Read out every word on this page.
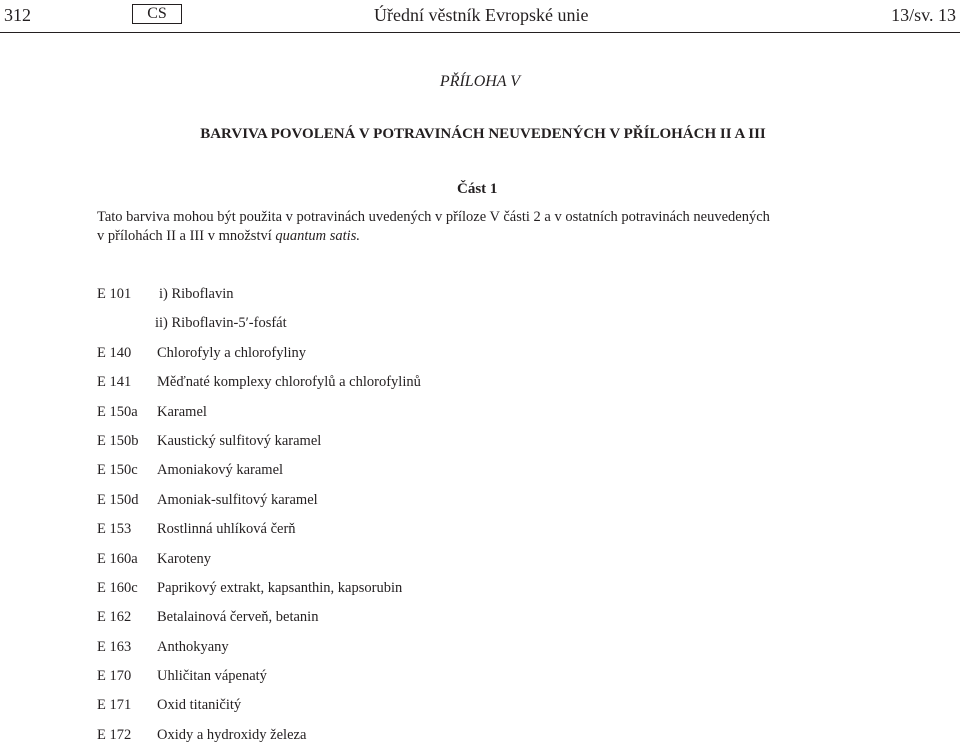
312	CS	Úřední věstník Evropské unie	13/sv. 13
PŘÍLOHA V
BARVIVA POVOLENÁ V POTRAVINÁCH NEUVEDENÝCH V PŘÍLOHÁCH II A III
Část 1
Tato barviva mohou být použita v potravinách uvedených v příloze V části 2 a v ostatních potravinách neuvedených
v přílohách II a III v množství quantum satis.
E 101 i) Riboflavin
ii) Riboflavin-5′-fosfát
E 140 Chlorofyly a chlorofyliny
E 141 Měďnaté komplexy chlorofylů a chlorofylinů
E 150a Karamel
E 150b Kaustický sulfitový karamel
E 150c Amoniakový karamel
E 150d Amoniak-sulfitový karamel
E 153 Rostlinná uhlíková čerň
E 160a Karoteny
E 160c Paprikový extrakt, kapsanthin, kapsorubin
E 162 Betalainová červeň, betanin
E 163 Anthokyany
E 170 Uhličitan vápenatý
E 171 Oxid titaničitý
E 172 Oxidy a hydroxidy železa
